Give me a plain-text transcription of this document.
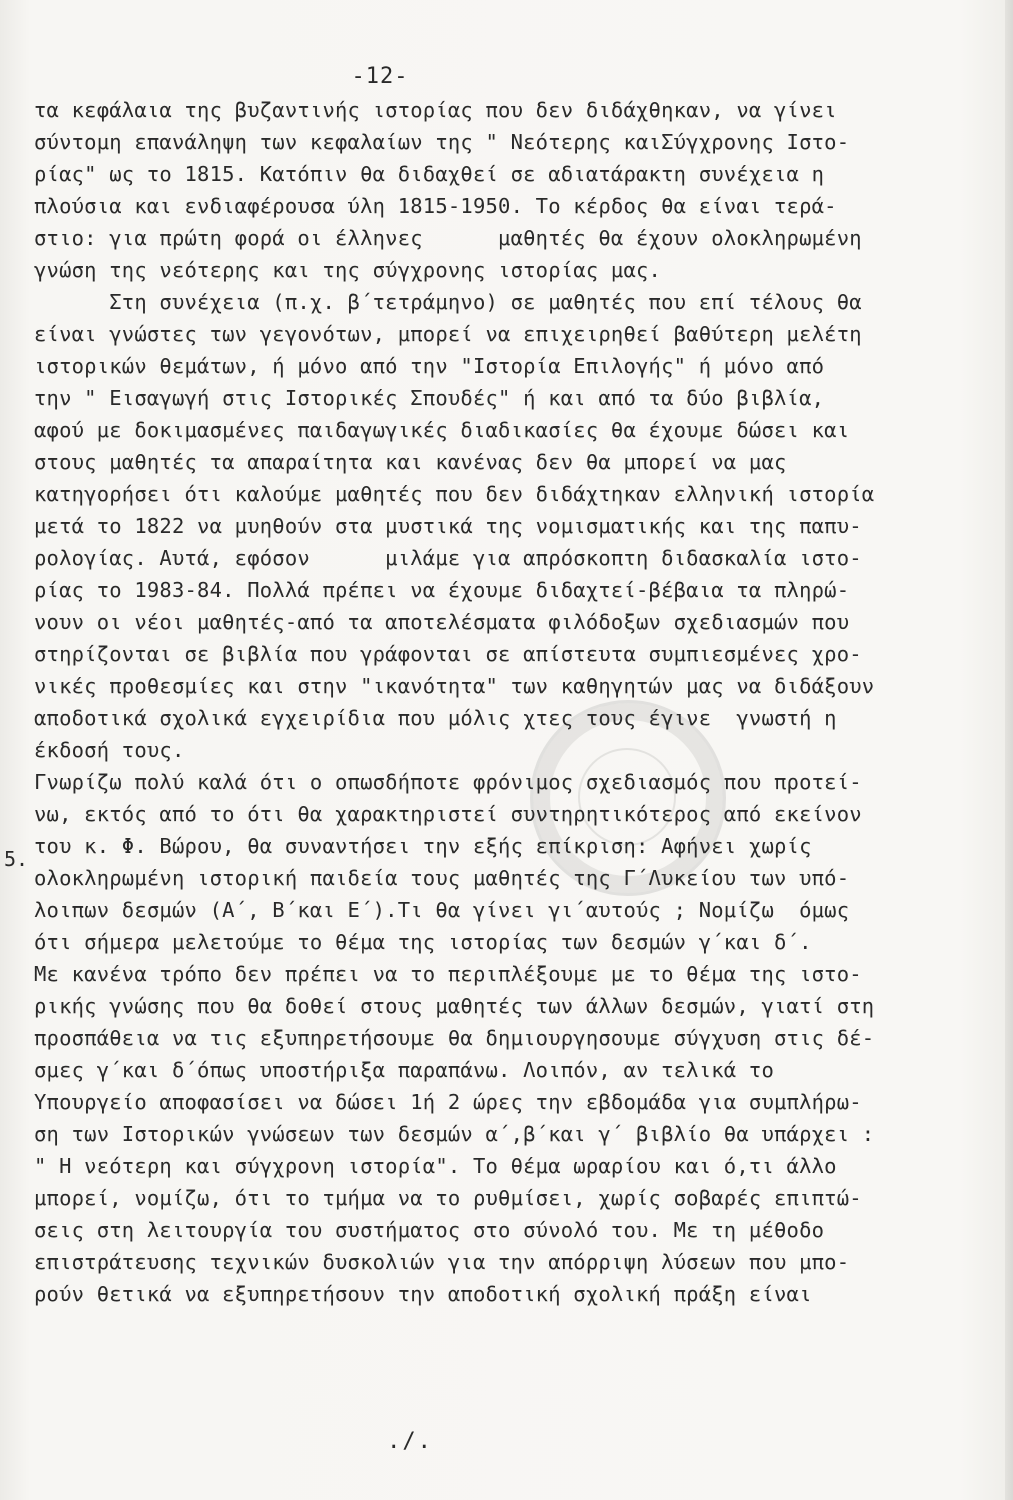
-12-
5.
τα κεφάλαια της βυζαντινής ιστορίας που δεν διδάχθηκαν, να γίνει
σύντομη επανάληψη των κεφαλαίων της " Νεότερης καιΣύγχρονης Ιστο-
ρίας" ως το 1815. Κατόπιν θα διδαχθεί σε αδιατάρακτη συνέχεια η
πλούσια και ενδιαφέρουσα ύλη 1815-1950. Το κέρδος θα είναι τερά-
στιο: για πρώτη φορά οι έλληνες      μαθητές θα έχουν ολοκληρωμένη
γνώση της νεότερης και της σύγχρονης ιστορίας μας.
Στη συνέχεια (π.χ. β΄τετράμηνο) σε μαθητές που επί τέλους θα
είναι γνώστες των γεγονότων, μπορεί να επιχειρηθεί βαθύτερη μελέτη
ιστορικών θεμάτων, ή μόνο από την "Ιστορία Επιλογής" ή μόνο από
την " Εισαγωγή στις Ιστορικές Σπουδές" ή και από τα δύο βιβλία,
αφού με δοκιμασμένες παιδαγωγικές διαδικασίες θα έχουμε δώσει και
στους μαθητές τα απαραίτητα και κανένας δεν θα μπορεί να μας
κατηγορήσει ότι καλούμε μαθητές που δεν διδάχτηκαν ελληνική ιστορία
μετά το 1822 να μυηθούν στα μυστικά της νομισματικής και της παπυ-
ρολογίας. Αυτά, εφόσον      μιλάμε για απρόσκοπτη διδασκαλία ιστο-
ρίας το 1983-84. Πολλά πρέπει να έχουμε διδαχτεί-βέβαια τα πληρώ-
νουν οι νέοι μαθητές-από τα αποτελέσματα φιλόδοξων σχεδιασμών που
στηρίζονται σε βιβλία που γράφονται σε απίστευτα συμπιεσμένες χρο-
νικές προθεσμίες και στην "ικανότητα" των καθηγητών μας να διδάξουν
αποδοτικά σχολικά εγχειρίδια που μόλις χτες τους έγινε  γνωστή η
έκδοσή τους.
Γνωρίζω πολύ καλά ότι ο οπωσδήποτε φρόνιμος σχεδιασμός που προτεί-
νω, εκτός από το ότι θα χαρακτηριστεί συντηρητικότερος από εκείνον
του κ. Φ. Βώρου, θα συναντήσει την εξής επίκριση: Αφήνει χωρίς
ολοκληρωμένη ιστορική παιδεία τους μαθητές της Γ΄Λυκείου των υπό-
λοιπων δεσμών (Α΄, Β΄και Ε΄).Τι θα γίνει γι΄αυτούς ; Νομίζω  όμως
ότι σήμερα μελετούμε το θέμα της ιστορίας των δεσμών γ΄και δ΄.
Με κανένα τρόπο δεν πρέπει να το περιπλέξουμε με το θέμα της ιστο-
ρικής γνώσης που θα δοθεί στους μαθητές των άλλων δεσμών, γιατί στη
προσπάθεια να τις εξυπηρετήσουμε θα δημιουργησουμε σύγχυση στις δέ-
σμες γ΄και δ΄όπως υποστήριξα παραπάνω. Λοιπόν, αν τελικά το
Υπουργείο αποφασίσει να δώσει 1ή 2 ώρες την εβδομάδα για συμπλήρω-
ση των Ιστορικών γνώσεων των δεσμών α΄,β΄και γ΄ βιβλίο θα υπάρχει :
" Η νεότερη και σύγχρονη ιστορία". Το θέμα ωραρίου και ό,τι άλλο
μπορεί, νομίζω, ότι το τμήμα να το ρυθμίσει, χωρίς σοβαρές επιπτώ-
σεις στη λειτουργία του συστήματος στο σύνολό του. Με τη μέθοδο
επιστράτευσης τεχνικών δυσκολιών για την απόρριψη λύσεων που μπο-
ρούν θετικά να εξυπηρετήσουν την αποδοτική σχολική πράξη είναι
./.
